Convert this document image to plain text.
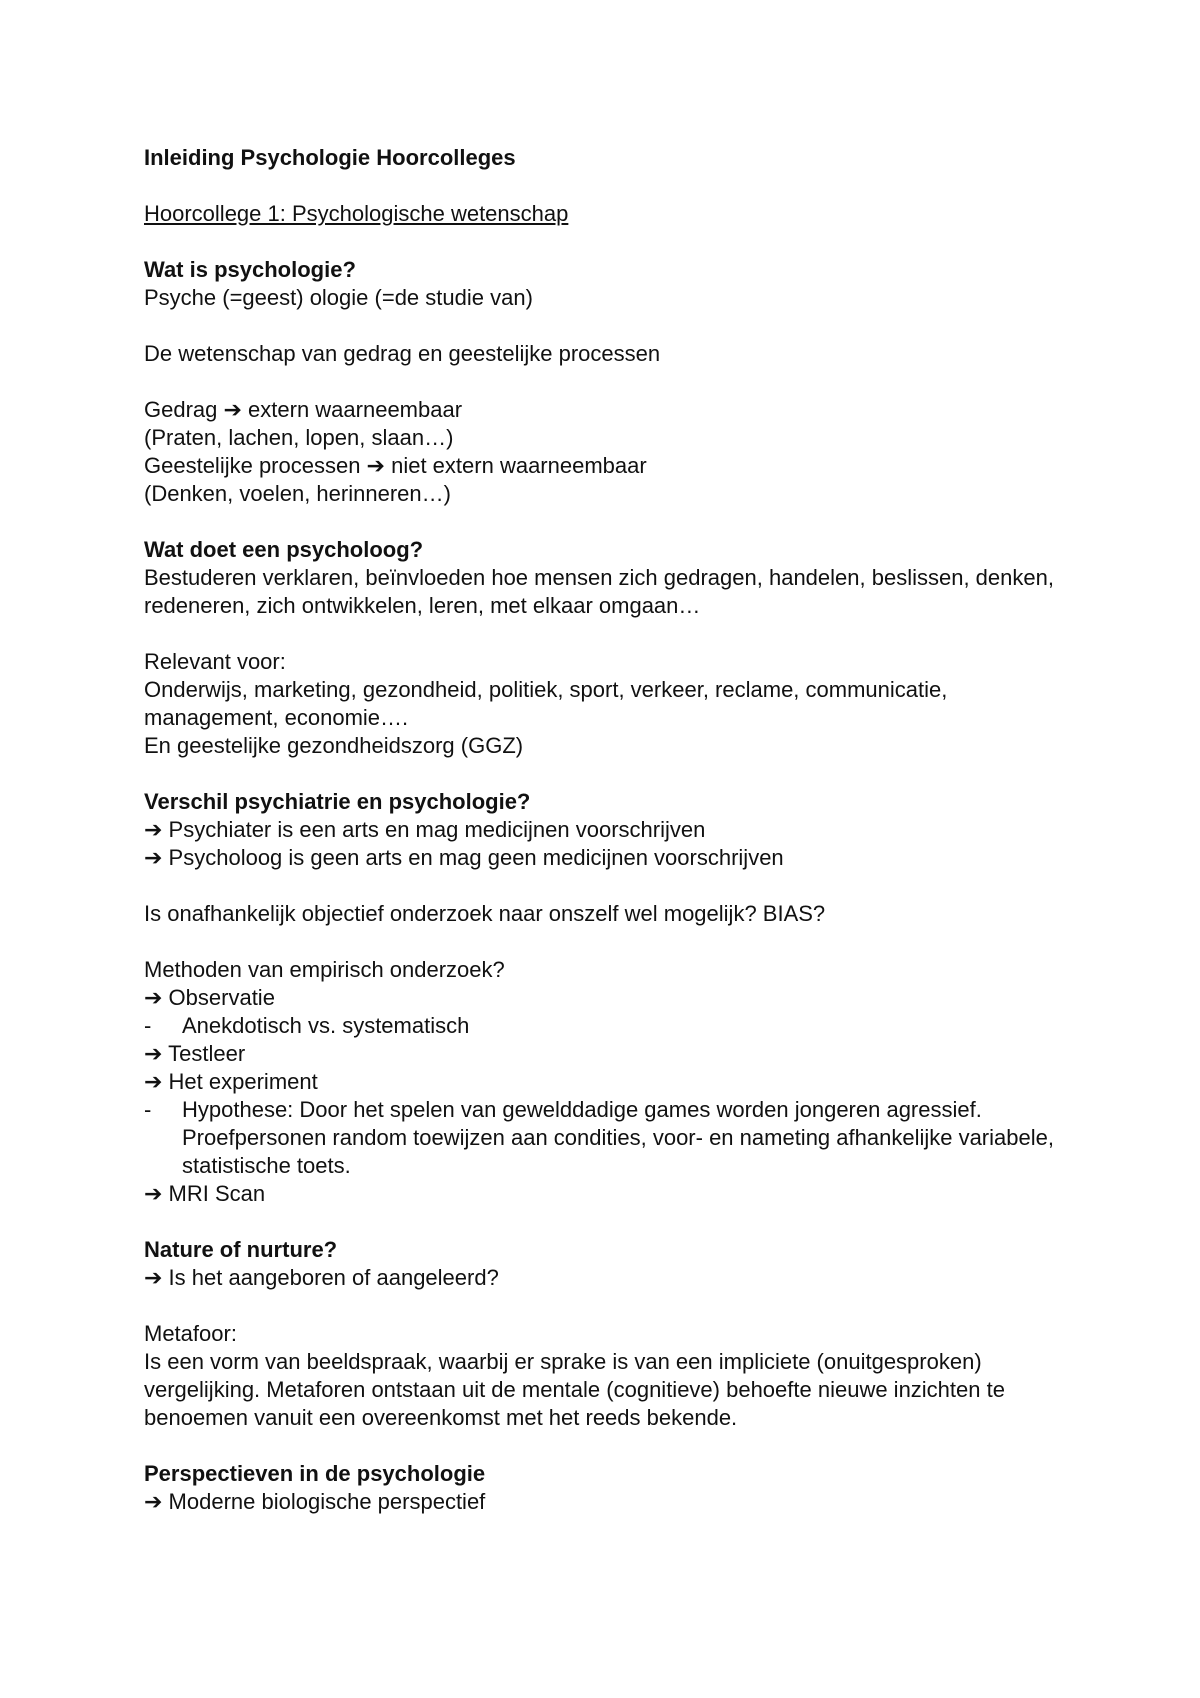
Inleiding Psychologie Hoorcolleges
Hoorcollege 1: Psychologische wetenschap
Wat is psychologie?
Psyche (=geest) ologie (=de studie van)
De wetenschap van gedrag en geestelijke processen
Gedrag ➔ extern waarneembaar
(Praten, lachen, lopen, slaan…)
Geestelijke processen ➔ niet extern waarneembaar
(Denken, voelen, herinneren…)
Wat doet een psycholoog?
Bestuderen verklaren, beïnvloeden hoe mensen zich gedragen, handelen, beslissen, denken, redeneren, zich ontwikkelen, leren, met elkaar omgaan…
Relevant voor:
Onderwijs, marketing, gezondheid, politiek, sport, verkeer, reclame, communicatie, management, economie….
En geestelijke gezondheidszorg (GGZ)
Verschil psychiatrie en psychologie?
➔ Psychiater is een arts en mag medicijnen voorschrijven
➔ Psycholoog is geen arts en mag geen medicijnen voorschrijven
Is onafhankelijk objectief onderzoek naar onszelf wel mogelijk? BIAS?
Methoden van empirisch onderzoek?
➔ Observatie
-	Anekdotisch vs. systematisch
➔ Testleer
➔ Het experiment
-	Hypothese: Door het spelen van gewelddadige games worden jongeren agressief. Proefpersonen random toewijzen aan condities, voor- en nameting afhankelijke variabele, statistische toets.
➔ MRI Scan
Nature of nurture?
➔ Is het aangeboren of aangeleerd?
Metafoor:
Is een vorm van beeldspraak, waarbij er sprake is van een impliciete (onuitgesproken) vergelijking. Metaforen ontstaan uit de mentale (cognitieve) behoefte nieuwe inzichten te benoemen vanuit een overeenkomst met het reeds bekende.
Perspectieven in de psychologie
➔ Moderne biologische perspectief
